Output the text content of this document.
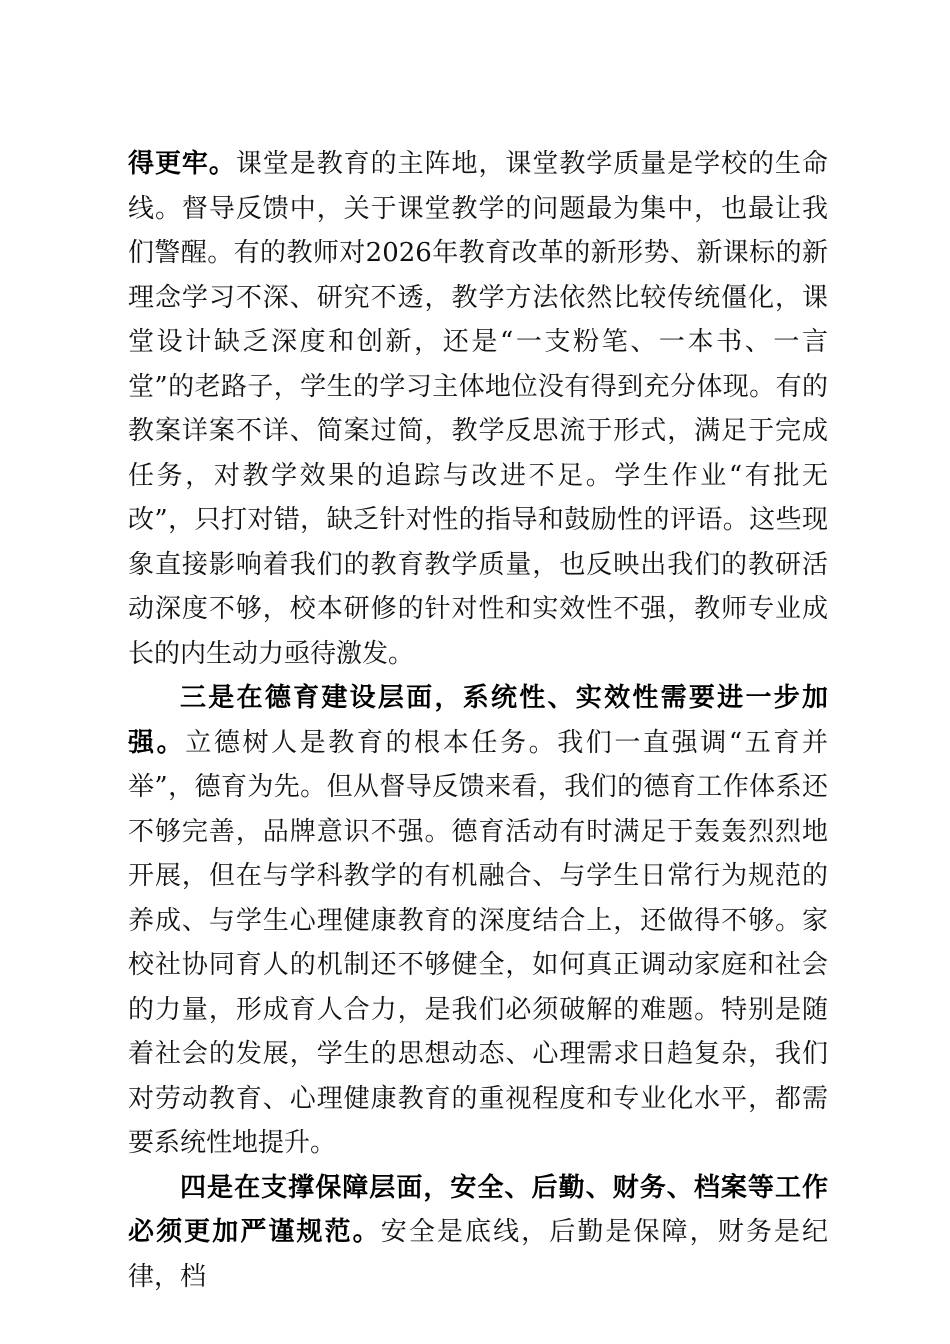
得更牢。课堂是教育的主阵地，课堂教学质量是学校的生命线。督导反馈中，关于课堂教学的问题最为集中，也最让我们警醒。有的教师对2026年教育改革的新形势、新课标的新理念学习不深、研究不透，教学方法依然比较传统僵化，课堂设计缺乏深度和创新，还是“一支粉笔、一本书、一言堂”的老路子，学生的学习主体地位没有得到充分体现。有的教案详案不详、简案过简，教学反思流于形式，满足于完成任务，对教学效果的追踪与改进不足。学生作业“有批无改”，只打对错，缺乏针对性的指导和鼓励性的评语。这些现象直接影响着我们的教育教学质量，也反映出我们的教研活动深度不够，校本研修的针对性和实效性不强，教师专业成长的内生动力亟待激发。

三是在德育建设层面，系统性、实效性需要进一步加强。立德树人是教育的根本任务。我们一直强调“五育并举”，德育为先。但从督导反馈来看，我们的德育工作体系还不够完善，品牌意识不强。德育活动有时满足于轰轰烈烈地开展，但在与学科教学的有机融合、与学生日常行为规范的养成、与学生心理健康教育的深度结合上，还做得不够。家校社协同育人的机制还不够健全，如何真正调动家庭和社会的力量，形成育人合力，是我们必须破解的难题。特别是随着社会的发展，学生的思想动态、心理需求日趋复杂，我们对劳动教育、心理健康教育的重视程度和专业化水平，都需要系统性地提升。

四是在支撑保障层面，安全、后勤、财务、档案等工作必须更加严谨规范。安全是底线，后勤是保障，财务是纪律，档
